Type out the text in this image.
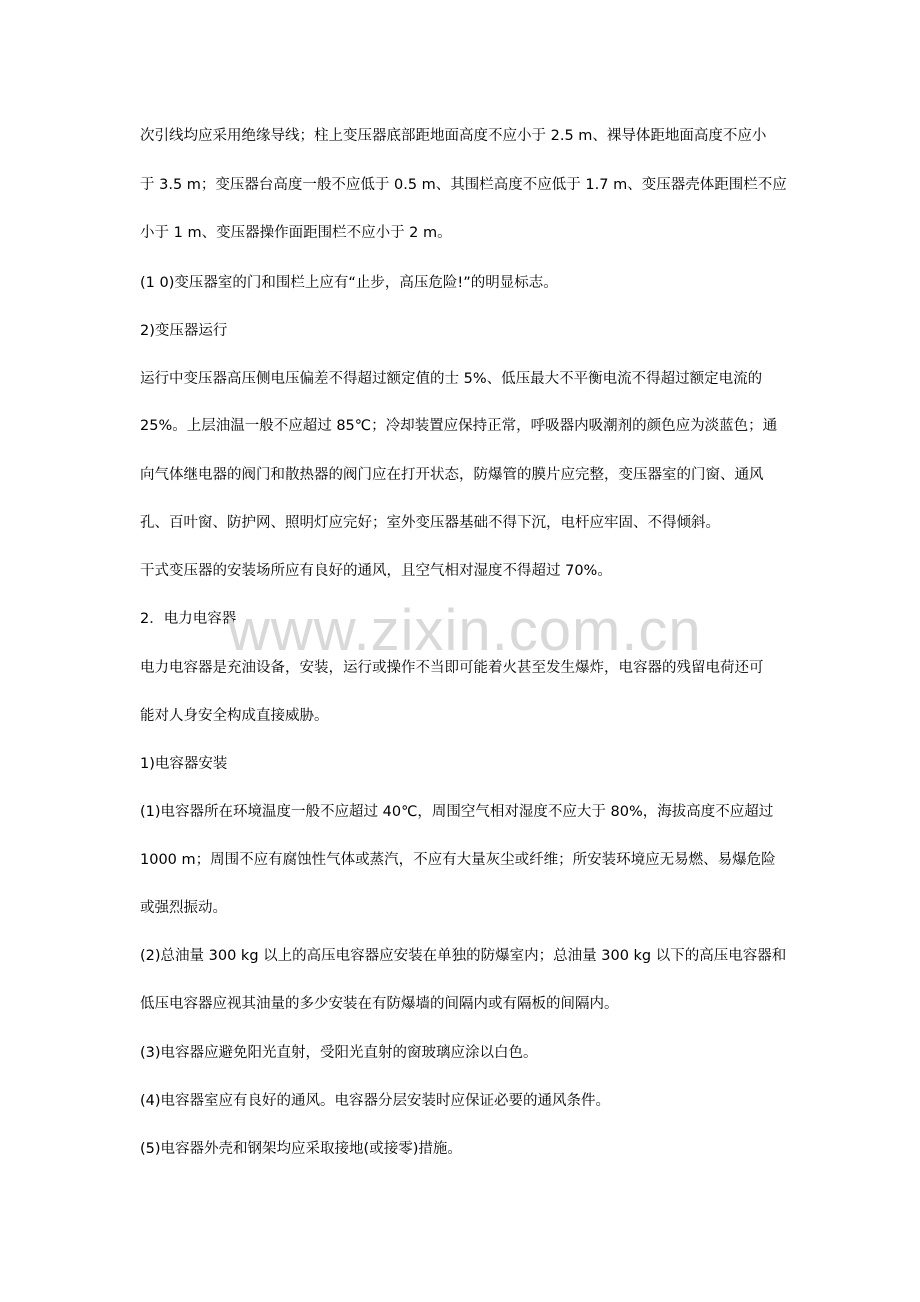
次引线均应采用绝缘导线；柱上变压器底部距地面高度不应小于 2.5 m、裸导体距地面高度不应小
于 3.5 m；变压器台高度一般不应低于 0.5 m、其围栏高度不应低于 1.7 m、变压器壳体距围栏不应
小于 1 m、变压器操作面距围栏不应小于 2 m。
(1 0)变压器室的门和围栏上应有“止步，高压危险!”的明显标志。
2)变压器运行
运行中变压器高压侧电压偏差不得超过额定值的士 5%、低压最大不平衡电流不得超过额定电流的
25%。上层油温一般不应超过 85℃；冷却装置应保持正常，呼吸器内吸潮剂的颜色应为淡蓝色；通
向气体继电器的阀门和散热器的阀门应在打开状态，防爆管的膜片应完整，变压器室的门窗、通风
孔、百叶窗、防护网、照明灯应完好；室外变压器基础不得下沉，电杆应牢固、不得倾斜。
干式变压器的安装场所应有良好的通风，且空气相对湿度不得超过 70%。
2．电力电容器
电力电容器是充油设备，安装，运行或操作不当即可能着火甚至发生爆炸，电容器的残留电荷还可
能对人身安全构成直接威胁。
1)电容器安装
(1)电容器所在环境温度一般不应超过 40℃，周围空气相对湿度不应大于 80%，海拔高度不应超过
1000 m；周围不应有腐蚀性气体或蒸汽，不应有大量灰尘或纤维；所安装环境应无易燃、易爆危险
或强烈振动。
(2)总油量 300 kg 以上的高压电容器应安装在单独的防爆室内；总油量 300 kg 以下的高压电容器和
低压电容器应视其油量的多少安装在有防爆墙的间隔内或有隔板的间隔内。
(3)电容器应避免阳光直射，受阳光直射的窗玻璃应涂以白色。
(4)电容器室应有良好的通风。电容器分层安装时应保证必要的通风条件。
(5)电容器外壳和钢架均应采取接地(或接零)措施。
www.zixin.com.cn
